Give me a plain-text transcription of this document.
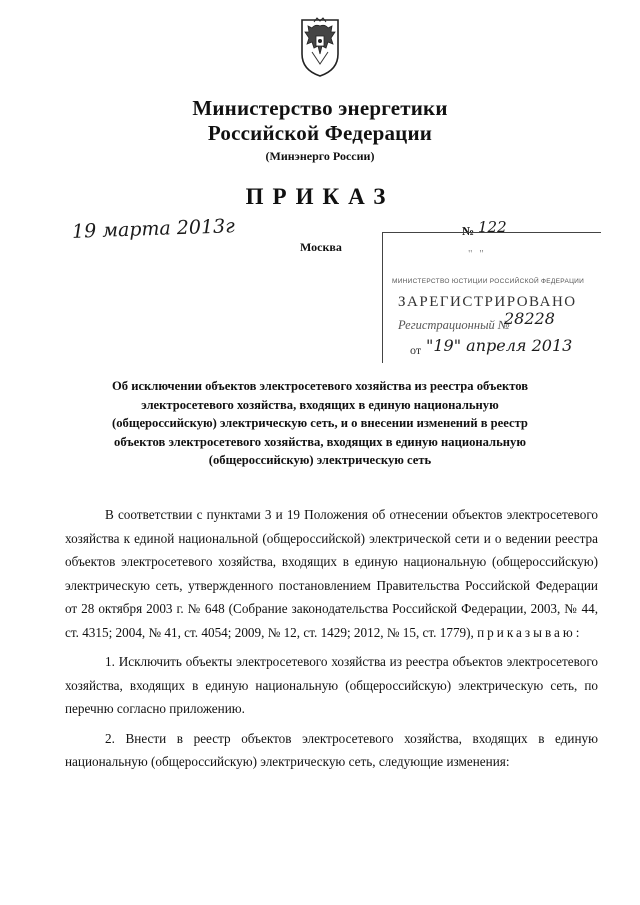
Министерство энергетики
Российской Федерации
(Минэнерго России)
ПРИКАЗ
19 марта 2013г
Москва
№ 122
" "
МИНИСТЕРСТВО ЮСТИЦИИ РОССИЙСКОЙ ФЕДЕРАЦИИ
ЗАРЕГИСТРИРОВАНО
Регистрационный №
28228
от "19" апреля 2013
Об исключении объектов электросетевого хозяйства из реестра объектов
электросетевого хозяйства, входящих в единую национальную
(общероссийскую) электрическую сеть, и о внесении изменений в реестр
объектов электросетевого хозяйства, входящих в единую национальную
(общероссийскую) электрическую сеть

В соответствии с пунктами 3 и 19 Положения об отнесении объектов электросетевого хозяйства к единой национальной (общероссийской) электрической сети и о ведении реестра объектов электросетевого хозяйства, входящих в единую национальную (общероссийскую) электрическую сеть, утвержденного постановлением Правительства Российской Федерации от 28 октября 2003 г. № 648 (Собрание законодательства Российской Федерации, 2003, № 44, ст. 4315; 2004, № 41, ст. 4054; 2009, № 12, ст. 1429; 2012, № 15, ст. 1779), приказываю:

1. Исключить объекты электросетевого хозяйства из реестра объектов электросетевого хозяйства, входящих в единую национальную (общероссийскую) электрическую сеть, по перечню согласно приложению.

2. Внести в реестр объектов электросетевого хозяйства, входящих в единую национальную (общероссийскую) электрическую сеть, следующие изменения:
